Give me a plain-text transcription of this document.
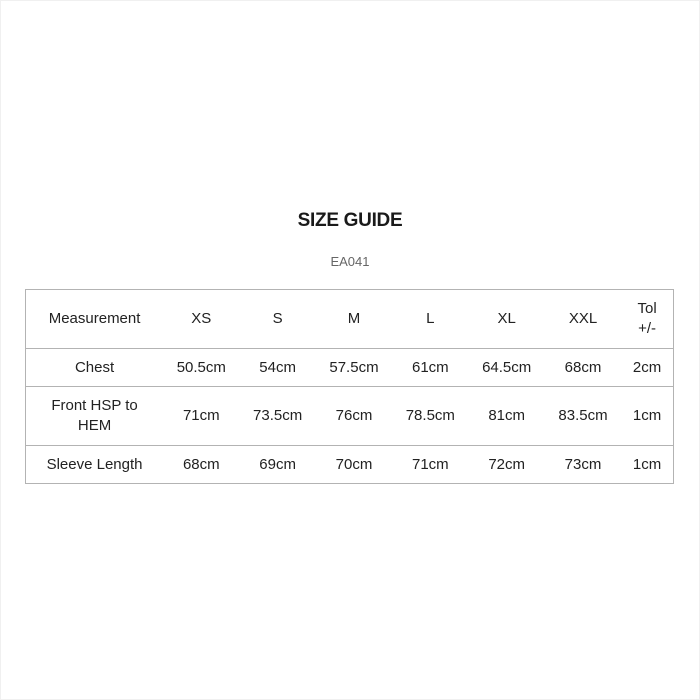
SIZE GUIDE
EA041
Measurement	XS	S	M	L	XL	XXL	Tol +/-
Chest	50.5cm	54cm	57.5cm	61cm	64.5cm	68cm	2cm
Front HSP to HEM	71cm	73.5cm	76cm	78.5cm	81cm	83.5cm	1cm
Sleeve Length	68cm	69cm	70cm	71cm	72cm	73cm	1cm
